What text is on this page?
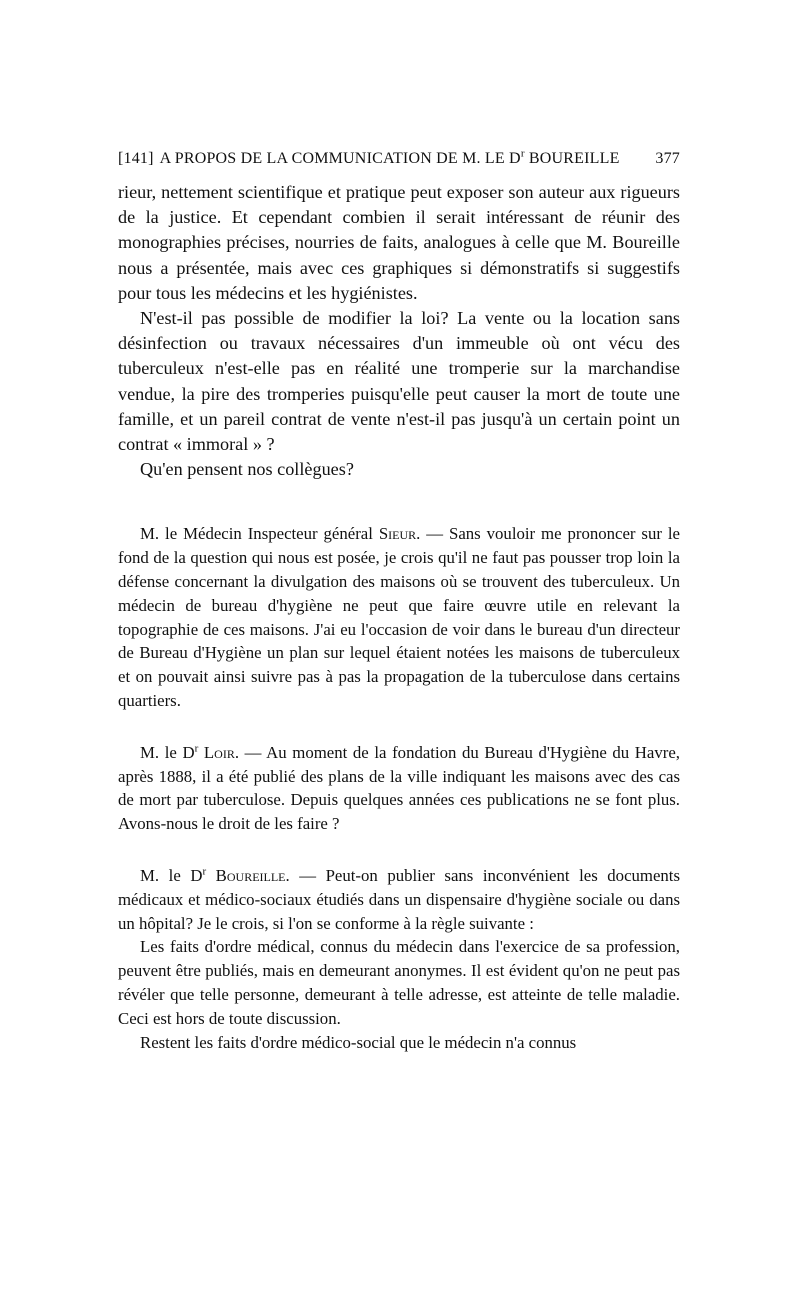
[141] A PROPOS DE LA COMMUNICATION DE M. LE $D^r$ BOUREILLE	377

rieur, nettement scientifique et pratique peut exposer son auteur aux rigueurs de la justice. Et cependant combien il serait intéressant de réunir des monographies précises, nourries de faits, analogues à celle que M. Boureille nous a présentée, mais avec ces graphiques si démonstratifs si suggestifs pour tous les médecins et les hygiénistes.

N'est-il pas possible de modifier la loi? La vente ou la location sans désinfection ou travaux nécessaires d'un immeuble où ont vécu des tuberculeux n'est-elle pas en réalité une tromperie sur la marchandise vendue, la pire des tromperies puisqu'elle peut causer la mort de toute une famille, et un pareil contrat de vente n'est-il pas jusqu'à un certain point un contrat « immoral » ?

Qu'en pensent nos collègues?

M. le Médecin Inspecteur général Sieur. — Sans vouloir me prononcer sur le fond de la question qui nous est posée, je crois qu'il ne faut pas pousser trop loin la défense concernant la divulgation des maisons où se trouvent des tuberculeux. Un médecin de bureau d'hygiène ne peut que faire œuvre utile en relevant la topographie de ces maisons. J'ai eu l'occasion de voir dans le bureau d'un directeur de Bureau d'Hygiène un plan sur lequel étaient notées les maisons de tuberculeux et on pouvait ainsi suivre pas à pas la propagation de la tuberculose dans certains quartiers.

M. le $D^r$ Loir. — Au moment de la fondation du Bureau d'Hygiène du Havre, après 1888, il a été publié des plans de la ville indiquant les maisons avec des cas de mort par tuberculose. Depuis quelques années ces publications ne se font plus. Avons-nous le droit de les faire ?

M. le $D^r$ Boureille. — Peut-on publier sans inconvénient les documents médicaux et médico-sociaux étudiés dans un dispensaire d'hygiène sociale ou dans un hôpital? Je le crois, si l'on se conforme à la règle suivante :

Les faits d'ordre médical, connus du médecin dans l'exercice de sa profession, peuvent être publiés, mais en demeurant anonymes. Il est évident qu'on ne peut pas révéler que telle personne, demeurant à telle adresse, est atteinte de telle maladie. Ceci est hors de toute discussion.

Restent les faits d'ordre médico-social que le médecin n'a connus
